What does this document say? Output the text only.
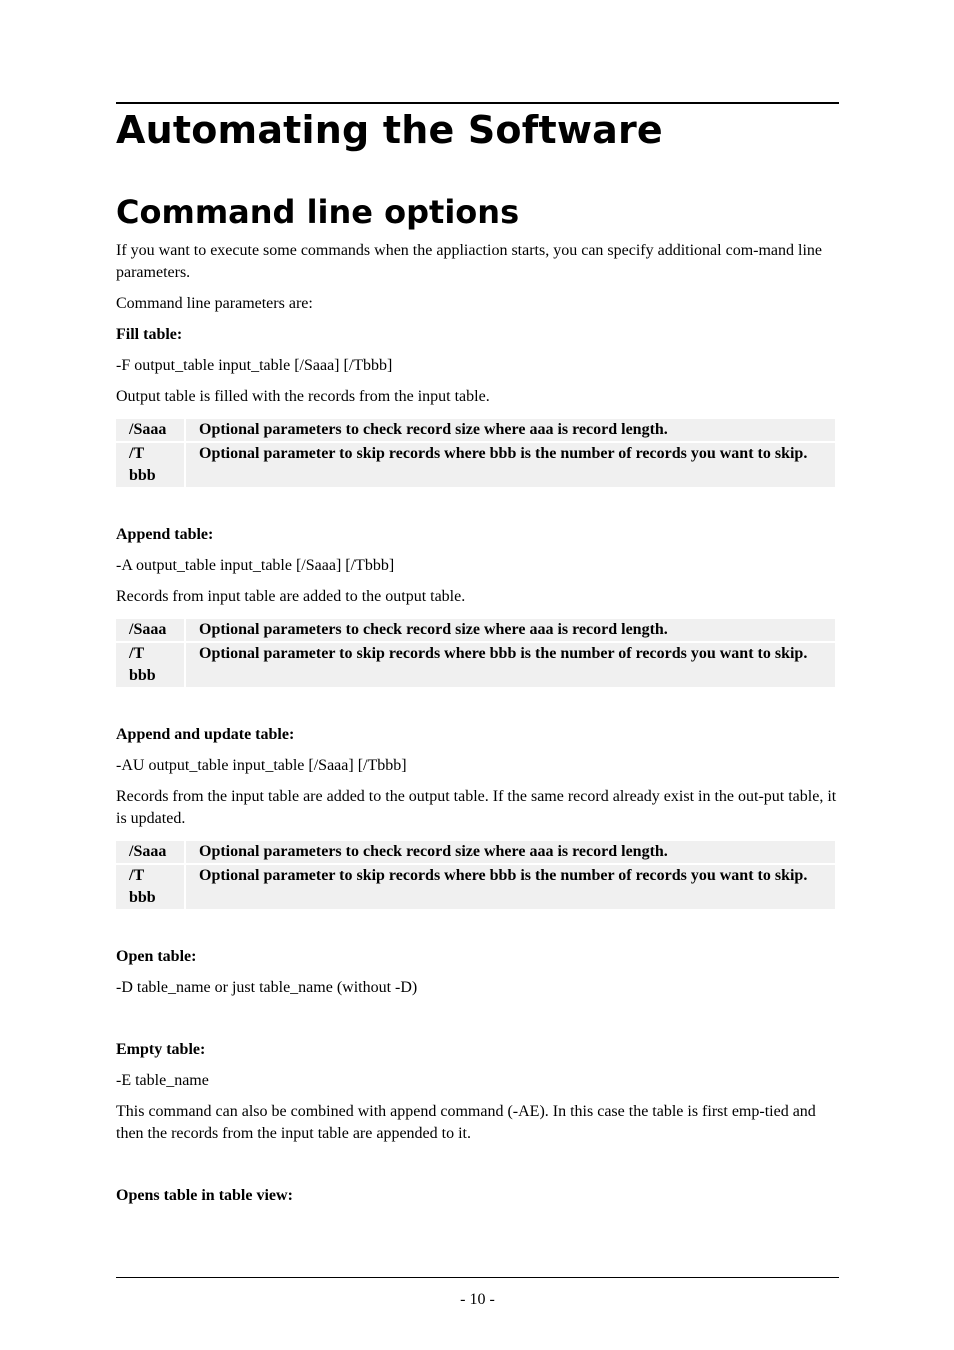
Automating the Software
Command line options

If you want to execute some commands when the appliaction starts, you can specify additional com-mand line parameters.

Command line parameters are:

Fill table:

-F output_table input_table [/Saaa] [/Tbbb]

Output table is filled with the records from the input table.

/Saaa	Optional parameters to check record size where aaa is record length.
/T bbb	Optional parameter to skip records where bbb is the number of records you want to skip.

Append table:

-A output_table input_table [/Saaa] [/Tbbb]

Records from input table are added to the output table.

/Saaa	Optional parameters to check record size where aaa is record length.
/T bbb	Optional parameter to skip records where bbb is the number of records you want to skip.

Append and update table:

-AU output_table input_table [/Saaa] [/Tbbb]

Records from the input table are added to the output table. If the same record already exist in the out-put table, it is updated.

/Saaa	Optional parameters to check record size where aaa is record length.
/T bbb	Optional parameter to skip records where bbb is the number of records you want to skip.

Open table:

-D table_name or just table_name (without -D)

Empty table:

-E table_name

This command can also be combined with append command (-AE). In this case the table is first emp-tied and then the records from the input table are appended to it.

Opens table in table view:

- 10 -
